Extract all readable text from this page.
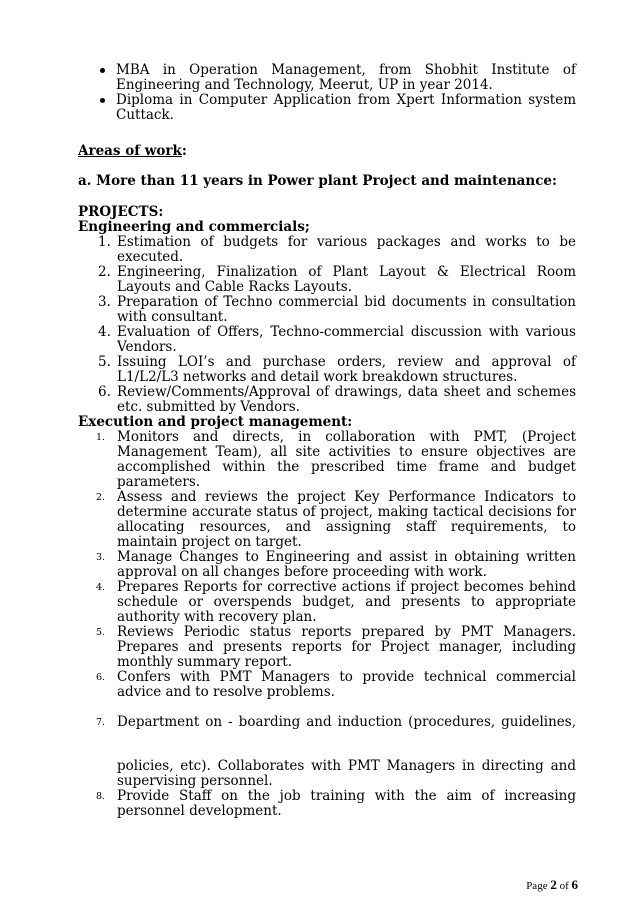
MBA in Operation Management, from Shobhit Institute of Engineering and Technology, Meerut, UP in year 2014.
Diploma in Computer Application from Xpert Information system Cuttack.
Areas of work:
a. More than 11 years in Power plant Project and maintenance:
PROJECTS:
Engineering and commercials;
1. Estimation of budgets for various packages and works to be executed.
2. Engineering, Finalization of Plant Layout & Electrical Room Layouts and Cable Racks Layouts.
3. Preparation of Techno commercial bid documents in consultation with consultant.
4. Evaluation of Offers, Techno-commercial discussion with various Vendors.
5. Issuing LOI’s and purchase orders, review and approval of L1/L2/L3 networks and detail work breakdown structures.
6. Review/Comments/Approval of drawings, data sheet and schemes etc. submitted by Vendors.
Execution and project management:
1. Monitors and directs, in collaboration with PMT, (Project Management Team), all site activities to ensure objectives are accomplished within the prescribed time frame and budget parameters.
2. Assess and reviews the project Key Performance Indicators to determine accurate status of project, making tactical decisions for allocating resources, and assigning staff requirements, to maintain project on target.
3. Manage Changes to Engineering and assist in obtaining written approval on all changes before proceeding with work.
4. Prepares Reports for corrective actions if project becomes behind schedule or overspends budget, and presents to appropriate authority with recovery plan.
5. Reviews Periodic status reports prepared by PMT Managers. Prepares and presents reports for Project manager, including monthly summary report.
6. Confers with PMT Managers to provide technical commercial advice and to resolve problems.
7. Department on - boarding and induction (procedures, guidelines,
policies, etc). Collaborates with PMT Managers in directing and supervising personnel.
8. Provide Staff on the job training with the aim of increasing personnel development.
Page 2 of 6
